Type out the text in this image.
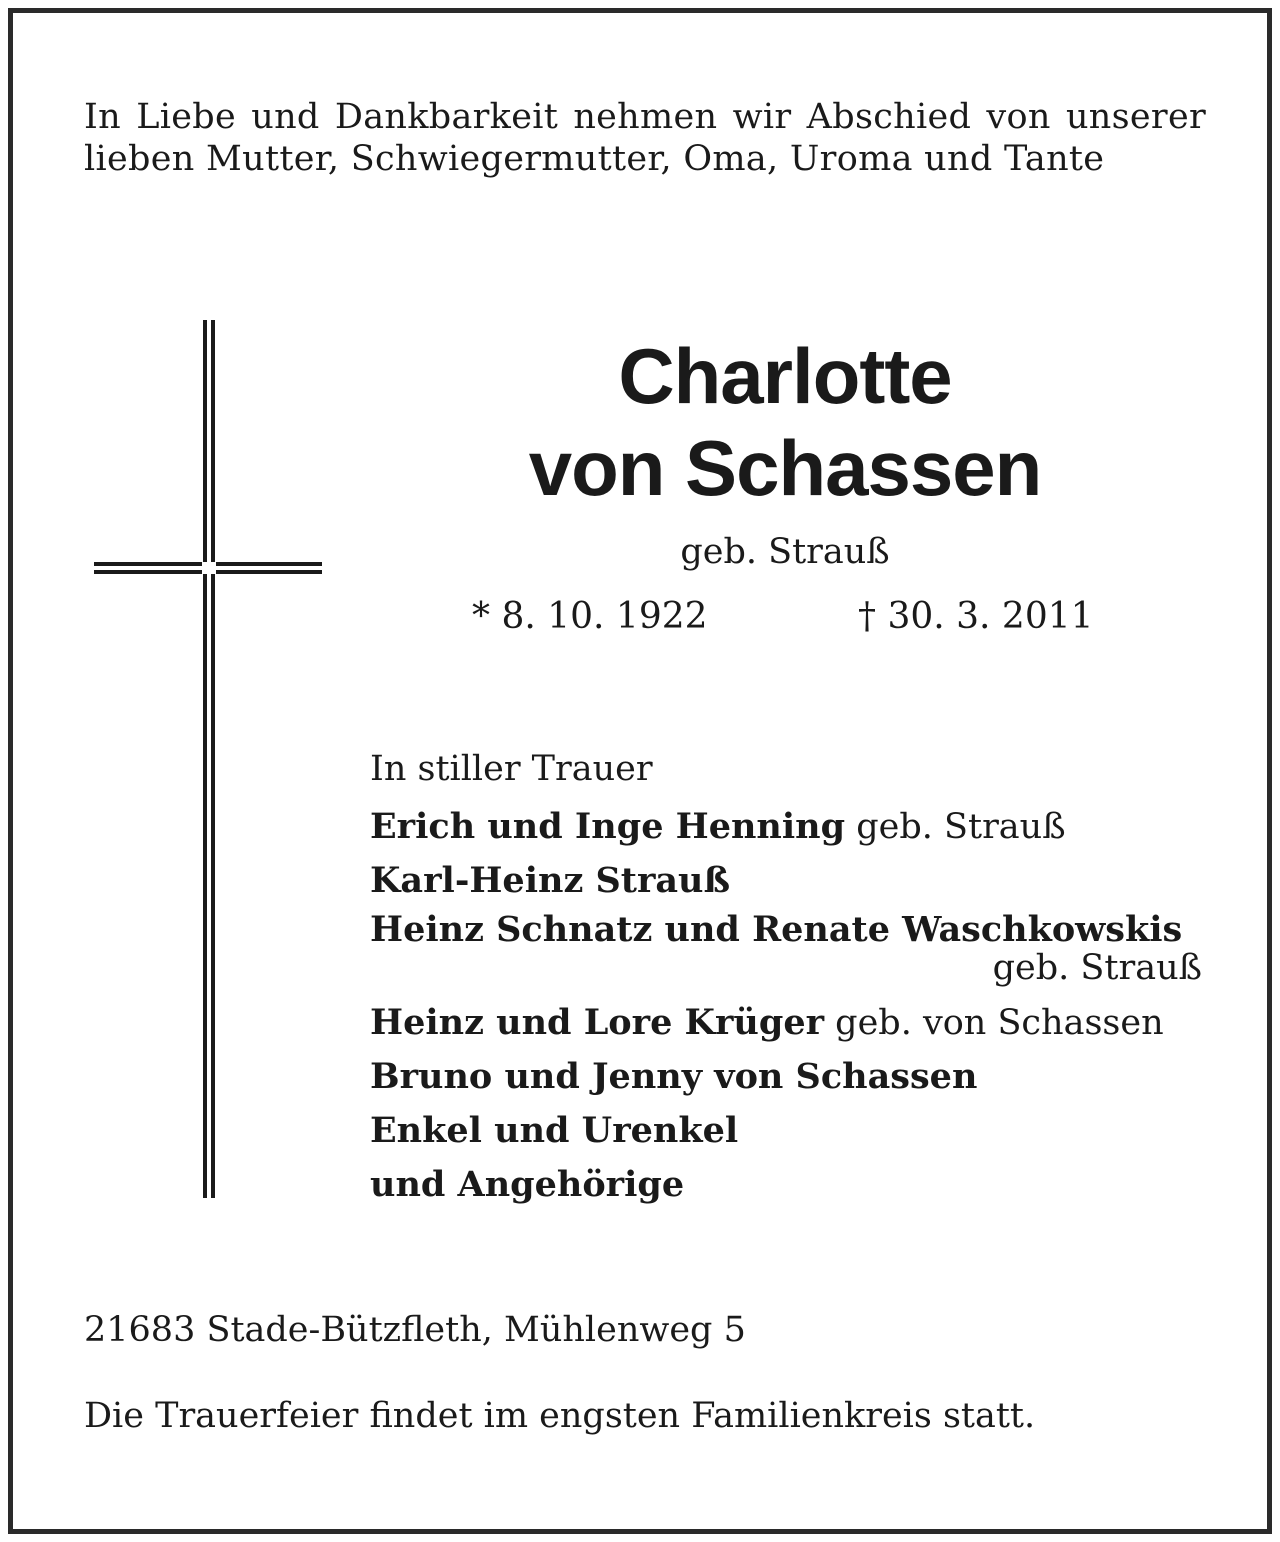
In Liebe und Dankbarkeit nehmen wir Abschied von unserer lieben Mutter, Schwiegermutter, Oma, Uroma und Tante

Charlotte
von Schassen

geb. Strauß

* 8. 10. 1922	† 30. 3. 2011

In stiller Trauer
Erich und Inge Henning geb. Strauß
Karl-Heinz Strauß
Heinz Schnatz und Renate Waschkowskis
geb. Strauß
Heinz und Lore Krüger geb. von Schassen
Bruno und Jenny von Schassen
Enkel und Urenkel
und Angehörige

21683 Stade-Bützfleth, Mühlenweg 5

Die Trauerfeier findet im engsten Familienkreis statt.
